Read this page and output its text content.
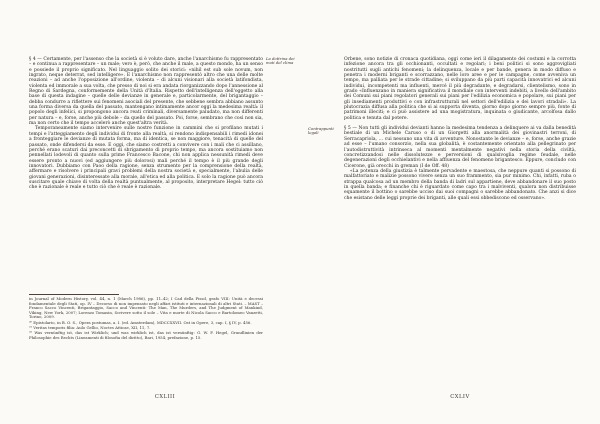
§ 4 — Certamente, per l'assenso che la società si è voluto dare, anche l'anarchismo fu rappresentato – e continua a rappresentare – un male; vero è, però, che anche il male, a questo mondo, ha un senso e possiede il proprio significato. Nel linguaggio solito dei storici: «nihil est sub sole novum, non ingrato, neque deterrat, sed intelligere». E l'anarchismo non rappresentò altro che una delle molte reazioni – ad anche l'opposizione all'ordine, violenta – di alcuni visionari alla società latifondista, violenta ed immorale a sua volta, che presso di noi si era andata riorganizzando dopo l'annessione al Regno di Sardegna, conformemente della Unità d'Italia. Rispetto dell'intelligenza dell'oggetto alla base di questa indagine – quelle delle devianze in generale e, particolarmente, del brigantaggio – debba condurre a riflettere sui fenomeni asociali del presente, che sebbene sembra abbiano assunto una forma diversa da quella del passato, mantengano intimamente ancor oggi la medesima realtà: il popolo degli infelici, si propongono ancora reati criminali, diversamente paludato, ma non differenti per natura – e, forse, anche più debole – da quello del passato. Poi, forse, sembrano che così non sia, ma non certo che il tempo accelerò anche quest'altra verità.

Temporaneamente siamo intervenire sulle nostre funzione in cammini che si profilano mutati i tempi e l'atteggiamento degli individui di fronte alla realtà, si rendono indispensabili i rimedi idonei a fronteggiare le devianze di mutata forma, ma di identica, se non maggiore, tenacità di quelle del passato, onde difendersi da esse. E oggi, che siamo costretti a convivere con i mali che ci assillano, perché erano scaturi dai preconcetti di sbrigamento di proprio tempo, ma ancora sostituiamo non pennellati lodevoli di quanto sulla prime Francesco Bacone, chi non applica nessunità rimedi deve essere pronto a nuovi (ed aggiungere più dolorosi) mali perché il tempo è il più grande degli innovatori. Dubbiamo con Paoo della ragione, senza strumento per la comprensione della realtà, affermare e risolvere i principali gravi problemi della nostra società e, specialmente, l'abulia delle giovani generazioni, disinteressate alla morale, all'etica ed alla politica. E solo la ragione può ancora suscitare quale chiave di volta della realtà puntualmente, al proposito, interpretare Hegel: tutto ciò che è razionale è reale e tutto ciò che è reale è razionale.

La dottrina dei moti del clima

in Journal of Modern History, vol. 44, n. 1 (March 1986), pp. 11–42; I Cad della Fissd, grafo VIII: Unità e decessi fondamentale degli Stati, op. IV – Decorso di non impensato negli affari istituti e internazionali di altri Stati. – MAST – Franco Sacco Vincenti, Brigantaggio, Sacco and Vincenti: The Man, The Murders, and The Judgment of Mankind, Viking, New York, 2007; Lorenzo Tomasin, Scrivere sotto il sole – Vita e morte di Nicola Sacco e Bartolomeo Vanzetti, Torino, 2009.

⁵⁰ Epistolario, in B. O. S., Opera postumas, a. I. (ed. Amsterdam), MDCCXXVII. Ost in Opere, 3, cap. I, § IV, p. 456.

⁵¹ Veritas temporis filia: Aulo Gellio, Noctes Atticae, XII, 11, 7.

⁵² Was vernünftig ist, das ist Wirklich; und was wirklich ist, das ist vernünftig: G. W. F. Hegel, Grundlinien der Philosophie des Rechts (Lineamenti di filosofia del diritto), Bari, 1954, prefazione, p. 15.

CXLIII

Orbene, sono notizie di cronaca quotidiana, oggi come ieri il dilagamento dei costumi e la corrotta infezione ancora tra gli occhionanti, occultati e regolari; i beni politici si sono aggrovigliati nostritutti sugli antichi fenomeni; la delinquenza, locale e per bande, genera in modo diffuso e penetra i moderni briganti e scorrazzano, nelle loro aree e per le campagne, come avveniva un tempo, ma palliata per le strade cittadine; si sviluppano da più parti capacità innovatrici ed alcuni individui, incompetenti ma influenti, mercé il più degradante, e degradarsi, clientelismo, sono in grado «Influenzano in maniera significativa il mondiale con interventi indebiti, a livello dell'ambito dei Comuni sui piani regolatori generali sui piani per l'edilizia economica e popolare, sui piani per gli insediamenti produttivi e con infrastrutturali nel settori dell'edilizia e dei lavori stradali». La plutocrazia diffusa alla politica che si ai supporta diventa, giorno dopo giorno sempre più, fonte di patrimoni illeciti; e ci può assistere ad una mogistratura, inquinata o giudicante, arcolfosa dallo politica e tenuta dal potere.

§ 5 — Non tutti gli individui devianti hanno la medesima tendenza a delinquere ai va dalla benedità bestiale di un Michele Caruso o di un Giorgetti alla anormalità dei giovinastri terroni, di Serracapriola, … cui nessuno una vita di avventure. Nonostante le devianze – e, forse, anche grazie ad esse – l'umano consorzio, nella sua globalità, è costantemente orientato alla pellegrinato per l'autodistruttività intrinseca al momenti mentalmente negativi nella storia della civiltà, concretizzandosi nelle dissolutezze e perversioni di qualsivoglia regime feudale, nelle degenerazioni degli occhielantivi e nella affluenza del fenomeno brigantesco. Eppure, concludo con Cicerone, già orecchi in greman (I de Off. 48)

«La potenza della giustizia è talmente pervadente e maestosa, che neppure quanti si possono di malfattoriato e malizie possono vivere senza un suo frammento, sia pur minimo. Chi, infatti, ruba o strappa qualcosa ad un membro della banda di ladri sul appartiene, deve abbandonare il suo posto in quella banda; e finanche chi è riguardato come capo tra i malviventi, qualora non distribuisse equamente il bottino o sarebbe ucciso dai suoi compagni o sarebbe abbandonato. Che anzi si dice che esistano delle leggi proprie dei briganti, alle quali essi obbediscono ed osservano».

Contrappunti legali
CXLIV
